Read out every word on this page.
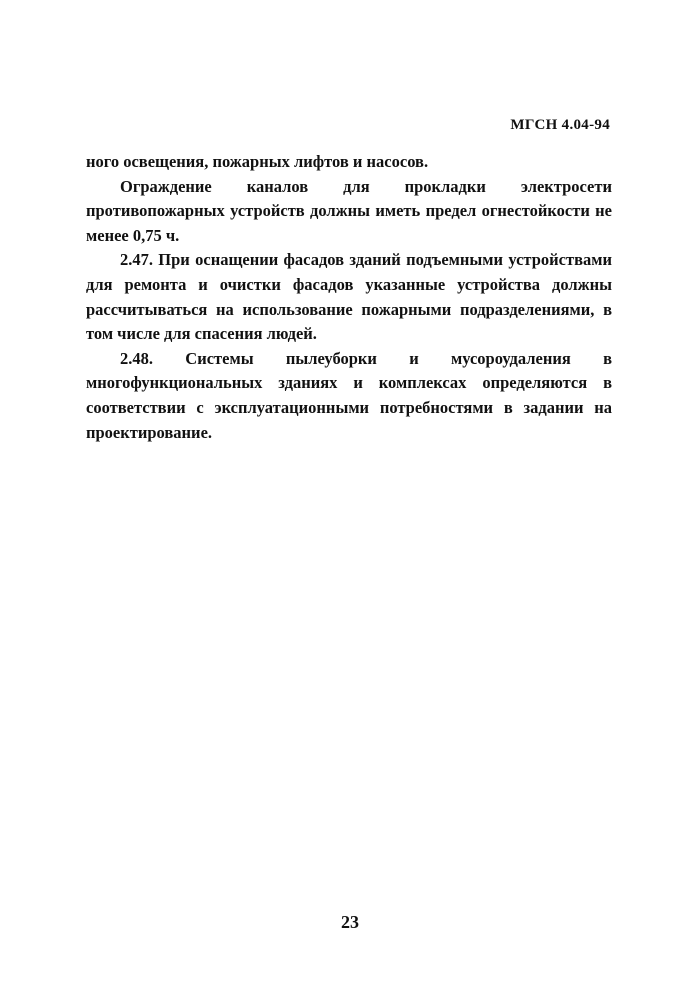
МГСН 4.04-94

ного освещения, пожарных лифтов и насосов.

Ограждение каналов для прокладки электросети противопожарных устройств должны иметь предел огнестойкости не менее 0,75 ч.

2.47. При оснащении фасадов зданий подъемными устройствами для ремонта и очистки фасадов указанные устройства должны рассчитываться на использование пожарными подразделениями, в том числе для спасения людей.

2.48. Системы пылеуборки и мусороудаления в многофункциональных зданиях и комплексах определяются в соответствии с эксплуатационными потребностями в задании на проектирование.

23
